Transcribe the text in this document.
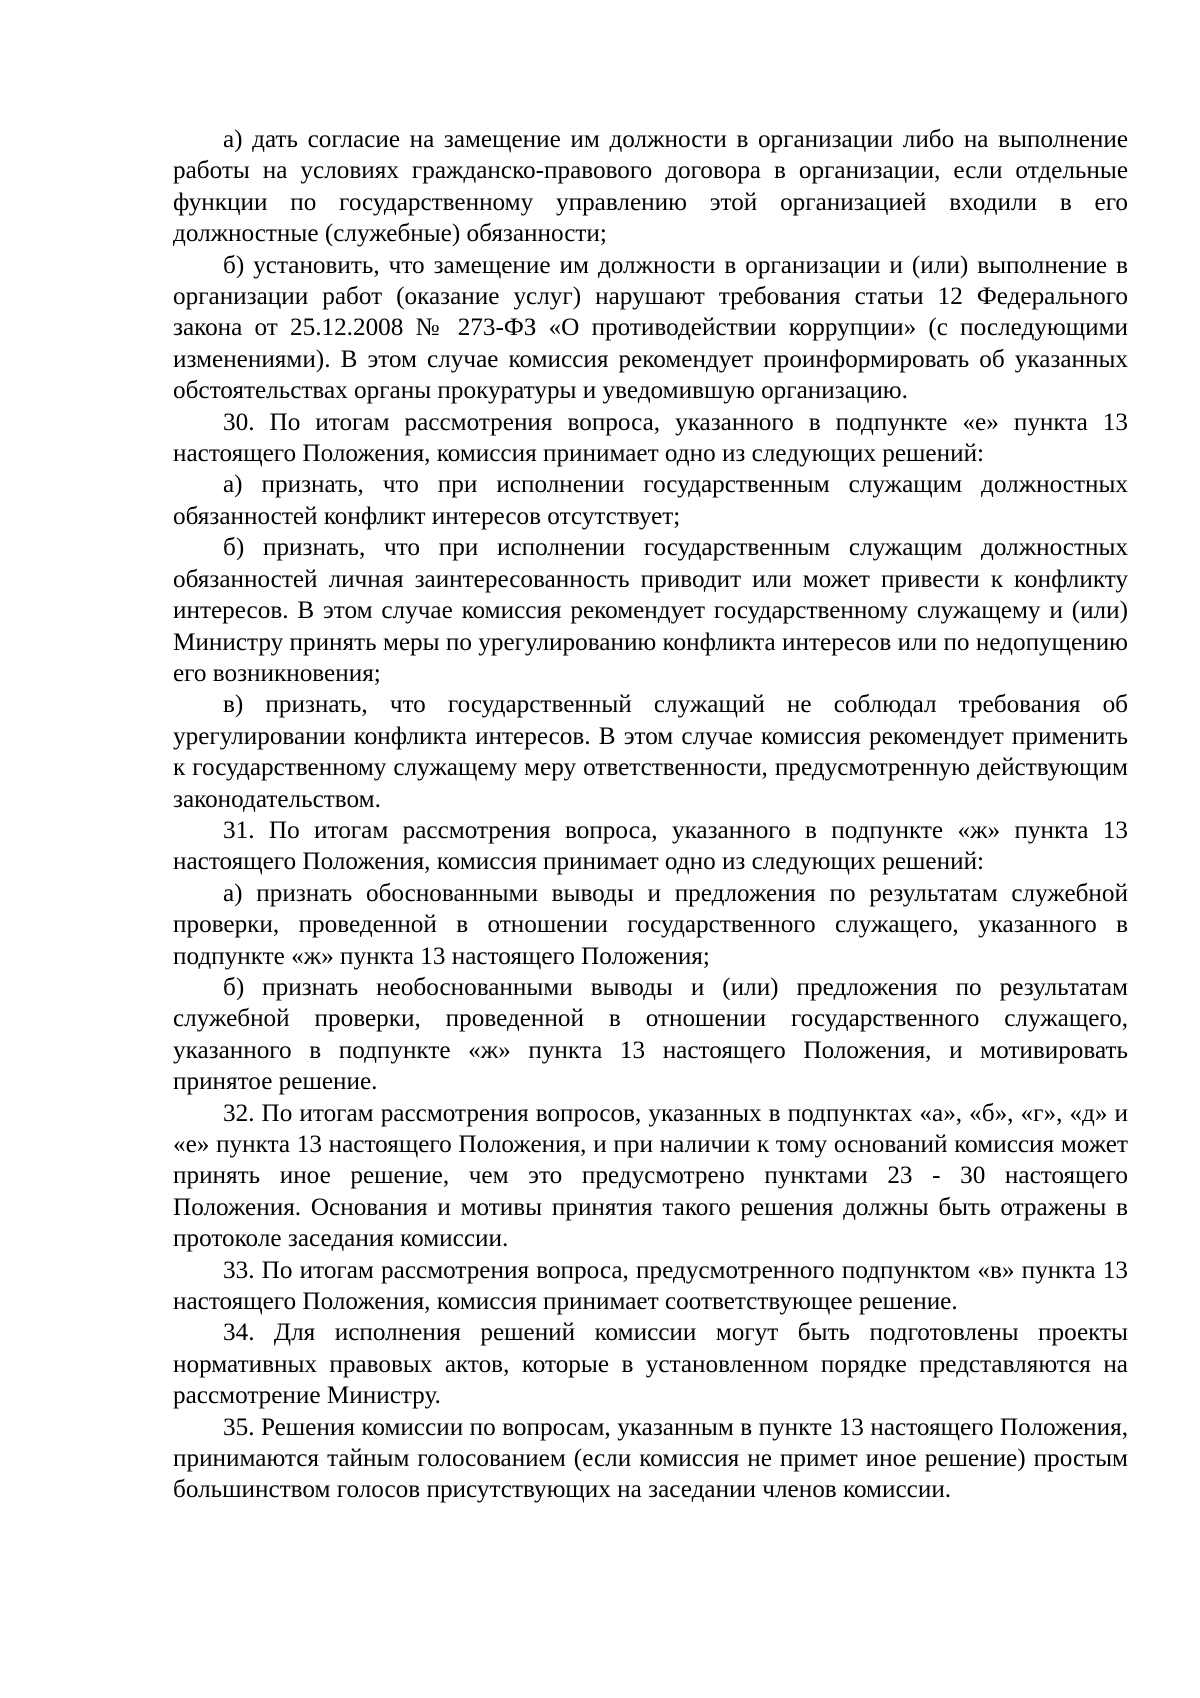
а) дать согласие на замещение им должности в организации либо на выполнение работы на условиях гражданско-правового договора в организации, если отдельные функции по государственному управлению этой организацией входили в его должностные (служебные) обязанности;

б) установить, что замещение им должности в организации и (или) выполнение в организации работ (оказание услуг) нарушают требования статьи 12 Федерального закона от 25.12.2008 № 273-ФЗ «О противодействии коррупции» (с последующими изменениями). В этом случае комиссия рекомендует проинформировать об указанных обстоятельствах органы прокуратуры и уведомившую организацию.

30. По итогам рассмотрения вопроса, указанного в подпункте «е» пункта 13 настоящего Положения, комиссия принимает одно из следующих решений:

а) признать, что при исполнении государственным служащим должностных обязанностей конфликт интересов отсутствует;

б) признать, что при исполнении государственным служащим должностных обязанностей личная заинтересованность приводит или может привести к конфликту интересов. В этом случае комиссия рекомендует государственному служащему и (или) Министру принять меры по урегулированию конфликта интересов или по недопущению его возникновения;

в) признать, что государственный служащий не соблюдал требования об урегулировании конфликта интересов. В этом случае комиссия рекомендует применить к государственному служащему меру ответственности, предусмотренную действующим законодательством.

31. По итогам рассмотрения вопроса, указанного в подпункте «ж» пункта 13 настоящего Положения, комиссия принимает одно из следующих решений:

а) признать обоснованными выводы и предложения по результатам служебной проверки, проведенной в отношении государственного служащего, указанного в подпункте «ж» пункта 13 настоящего Положения;

б) признать необоснованными выводы и (или) предложения по результатам служебной проверки, проведенной в отношении государственного служащего, указанного в подпункте «ж» пункта 13 настоящего Положения, и мотивировать принятое решение.

32. По итогам рассмотрения вопросов, указанных в подпунктах «а», «б», «г», «д» и «е» пункта 13 настоящего Положения, и при наличии к тому оснований комиссия может принять иное решение, чем это предусмотрено пунктами 23 - 30 настоящего Положения. Основания и мотивы принятия такого решения должны быть отражены в протоколе заседания комиссии.

33. По итогам рассмотрения вопроса, предусмотренного подпунктом «в» пункта 13 настоящего Положения, комиссия принимает соответствующее решение.

34. Для исполнения решений комиссии могут быть подготовлены проекты нормативных правовых актов, которые в установленном порядке представляются на рассмотрение Министру.

35. Решения комиссии по вопросам, указанным в пункте 13 настоящего Положения, принимаются тайным голосованием (если комиссия не примет иное решение) простым большинством голосов присутствующих на заседании членов комиссии.
